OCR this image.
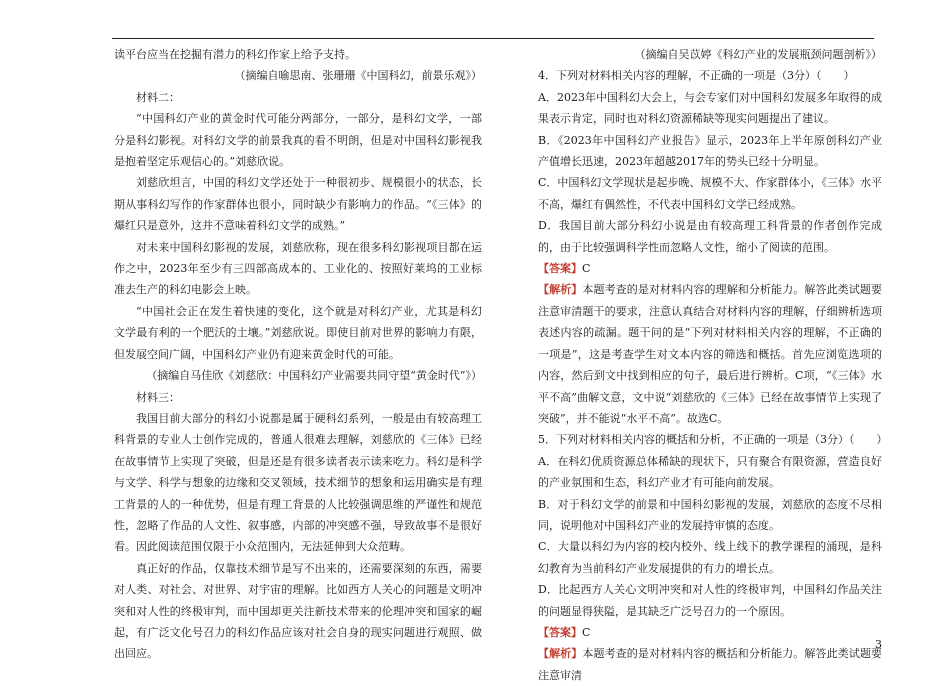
读平台应当在挖掘有潜力的科幻作家上给予支持。

（摘编自喻思南、张珊珊《中国科幻，前景乐观》）

材料二：

“中国科幻产业的黄金时代可能分两部分，一部分，是科幻文学，一部分是科幻影视。对科幻文学的前景我真的看不明朗，但是对中国科幻影视我是抱着坚定乐观信心的。”刘慈欣说。

刘慈欣坦言，中国的科幻文学还处于一种很初步、规模很小的状态，长期从事科幻写作的作家群体也很小，同时缺少有影响力的作品。“《三体》的爆红只是意外，这并不意味着科幻文学的成熟。”

对未来中国科幻影视的发展，刘慈欣称，现在很多科幻影视项目都在运作之中，2023年至少有三四部高成本的、工业化的、按照好莱坞的工业标准去生产的科幻电影会上映。

“中国社会正在发生着快速的变化，这个就是对科幻产业，尤其是科幻文学最有利的一个肥沃的土壤。”刘慈欣说。即使目前对世界的影响力有限，但发展空间广阔，中国科幻产业仍有迎来黄金时代的可能。

（摘编自马佳欣《刘慈欣：中国科幻产业需要共同守望“黄金时代”》）

材料三：

我国目前大部分的科幻小说都是属于硬科幻系列，一般是由有较高理工科背景的专业人士创作完成的，普通人很难去理解，刘慈欣的《三体》已经在故事情节上实现了突破，但是还是有很多读者表示读来吃力。科幻是科学与文学、科学与想象的边缘和交叉领域，技术细节的想象和运用确实是有理工背景的人的一种优势，但是有理工背景的人比较强调思维的严谨性和规范性，忽略了作品的人文性、叙事感，内部的冲突感不强，导致故事不是很好看。因此阅读范围仅限于小众范围内，无法延伸到大众范畴。

真正好的作品，仅靠技术细节是写不出来的，还需要深刻的东西，需要对人类、对社会、对世界、对宇宙的理解。比如西方人关心的问题是文明冲突和对人性的终极审判，而中国却更关注新技术带来的伦理冲突和国家的崛起，有广泛文化号召力的科幻作品应该对社会自身的现实问题进行观照、做出回应。

（摘编自吴苡婷《科幻产业的发展瓶颈问题剖析》）

4．下列对材料相关内容的理解，不正确的一项是（3分）（　　）

A．2023年中国科幻大会上，与会专家们对中国科幻发展多年取得的成果表示肯定，同时也对科幻资源稀缺等现实问题提出了建议。

B．《2023年中国科幻产业报告》显示，2023年上半年原创科幻产业产值增长迅速，2023年超越2017年的势头已经十分明显。

C．中国科幻文学现状是起步晚、规模不大、作家群体小，《三体》水平不高，爆红有偶然性，不代表中国科幻文学已经成熟。

D．我国目前大部分科幻小说是由有较高理工科背景的作者创作完成的，由于比较强调科学性而忽略人文性，缩小了阅读的范围。

【答案】C

【解析】本题考查的是对材料内容的理解和分析能力。解答此类试题要注意审清题干的要求，注意认真结合对材料内容的理解，仔细辨析选项表述内容的疏漏。题干问的是“下列对材料相关内容的理解，不正确的一项是”，这是考查学生对文本内容的筛选和概括。首先应浏览选项的内容，然后到文中找到相应的句子，最后进行辨析。C项，“《三体》水平不高”曲解文意，文中说“刘慈欣的《三体》已经在故事情节上实现了突破”，并不能说“水平不高”。故选C。

5．下列对材料相关内容的概括和分析，不正确的一项是（3分）（　　）

A．在科幻优质资源总体稀缺的现状下，只有聚合有限资源，营造良好的产业氛围和生态，科幻产业才有可能向前发展。

B．对于科幻文学的前景和中国科幻影视的发展，刘慈欣的态度不尽相同，说明他对中国科幻产业的发展持审慎的态度。

C．大量以科幻为内容的校内校外、线上线下的教学课程的涌现，是科幻教育为当前科幻产业发展提供的有力的增长点。

D．比起西方人关心文明冲突和对人性的终极审判，中国科幻作品关注的问题显得狭隘，是其缺乏广泛号召力的一个原因。

【答案】C

【解析】本题考查的是对材料内容的概括和分析能力。解答此类试题要注意审清

3
